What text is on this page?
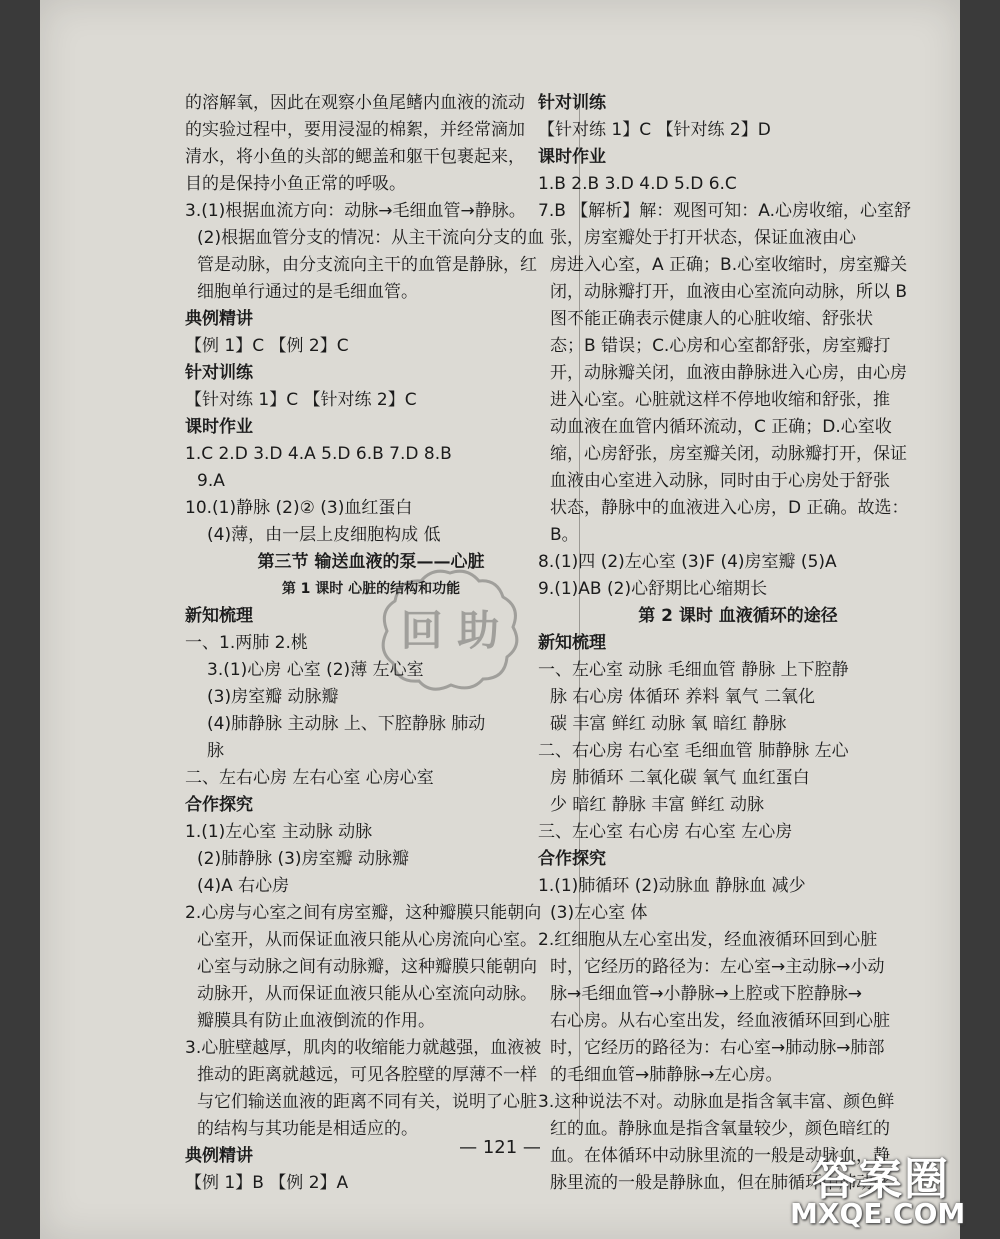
的溶解氧，因此在观察小鱼尾鳍内血液的流动
的实验过程中，要用浸湿的棉絮，并经常滴加
清水，将小鱼的头部的鳃盖和躯干包裹起来，
目的是保持小鱼正常的呼吸。
3.(1)根据血流方向：动脉→毛细血管→静脉。
(2)根据血管分支的情况：从主干流向分支的血
管是动脉，由分支流向主干的血管是静脉，红
细胞单行通过的是毛细血管。
典例精讲
【例 1】C 【例 2】C
针对训练
【针对练 1】C 【针对练 2】C
课时作业
1.C 2.D 3.D 4.A 5.D 6.B 7.D 8.B
9.A
10.(1)静脉 (2)② (3)血红蛋白
(4)薄，由一层上皮细胞构成 低
第三节 输送血液的泵——心脏
第 1 课时 心脏的结构和功能
新知梳理
一、1.两肺 2.桃
3.(1)心房 心室 (2)薄 左心室
(3)房室瓣 动脉瓣
(4)肺静脉 主动脉 上、下腔静脉 肺动
脉
二、左右心房 左右心室 心房心室
合作探究
1.(1)左心室 主动脉 动脉
(2)肺静脉 (3)房室瓣 动脉瓣
(4)A 右心房
2.心房与心室之间有房室瓣，这种瓣膜只能朝向
心室开，从而保证血液只能从心房流向心室。
心室与动脉之间有动脉瓣，这种瓣膜只能朝向
动脉开，从而保证血液只能从心室流向动脉。
瓣膜具有防止血液倒流的作用。
3.心脏壁越厚，肌肉的收缩能力就越强，血液被
推动的距离就越远，可见各腔壁的厚薄不一样
与它们输送血液的距离不同有关，说明了心脏
的结构与其功能是相适应的。
典例精讲
【例 1】B 【例 2】A
针对训练
【针对练 1】C 【针对练 2】D
课时作业
1.B 2.B 3.D 4.D 5.D 6.C
7.B 【解析】解：观图可知：A.心房收缩，心室舒
张，房室瓣处于打开状态，保证血液由心
房进入心室，A 正确；B.心室收缩时，房室瓣关
闭，动脉瓣打开，血液由心室流向动脉，所以 B
图不能正确表示健康人的心脏收缩、舒张状
态；B 错误；C.心房和心室都舒张，房室瓣打
开，动脉瓣关闭，血液由静脉进入心房，由心房
进入心室。心脏就这样不停地收缩和舒张，推
动血液在血管内循环流动，C 正确；D.心室收
缩，心房舒张，房室瓣关闭，动脉瓣打开，保证
血液由心室进入动脉，同时由于心房处于舒张
状态，静脉中的血液进入心房，D 正确。故选：
B。
8.(1)四 (2)左心室 (3)F (4)房室瓣 (5)A
9.(1)AB (2)心舒期比心缩期长
第 2 课时 血液循环的途径
新知梳理
一、左心室 动脉 毛细血管 静脉 上下腔静
脉 右心房 体循环 养料 氧气 二氧化
碳 丰富 鲜红 动脉 氧 暗红 静脉
二、右心房 右心室 毛细血管 肺静脉 左心
房 肺循环 二氧化碳 氧气 血红蛋白
少 暗红 静脉 丰富 鲜红 动脉
三、左心室 右心房 右心室 左心房
合作探究
1.(1)肺循环 (2)动脉血 静脉血 减少
(3)左心室 体
2.红细胞从左心室出发，经血液循环回到心脏
时，它经历的路径为：左心室→主动脉→小动
脉→毛细血管→小静脉→上腔或下腔静脉→
右心房。从右心室出发，经血液循环回到心脏
时，它经历的路径为：右心室→肺动脉→肺部
的毛细血管→肺静脉→左心房。
3.这种说法不对。动脉血是指含氧丰富、颜色鲜
红的血。静脉血是指含氧量较少，颜色暗红的
血。在体循环中动脉里流的一般是动脉血，静
脉里流的一般是静脉血，但在肺循环中肺动脉
回 助
— 121 —
答案圈
MXQE.COM
